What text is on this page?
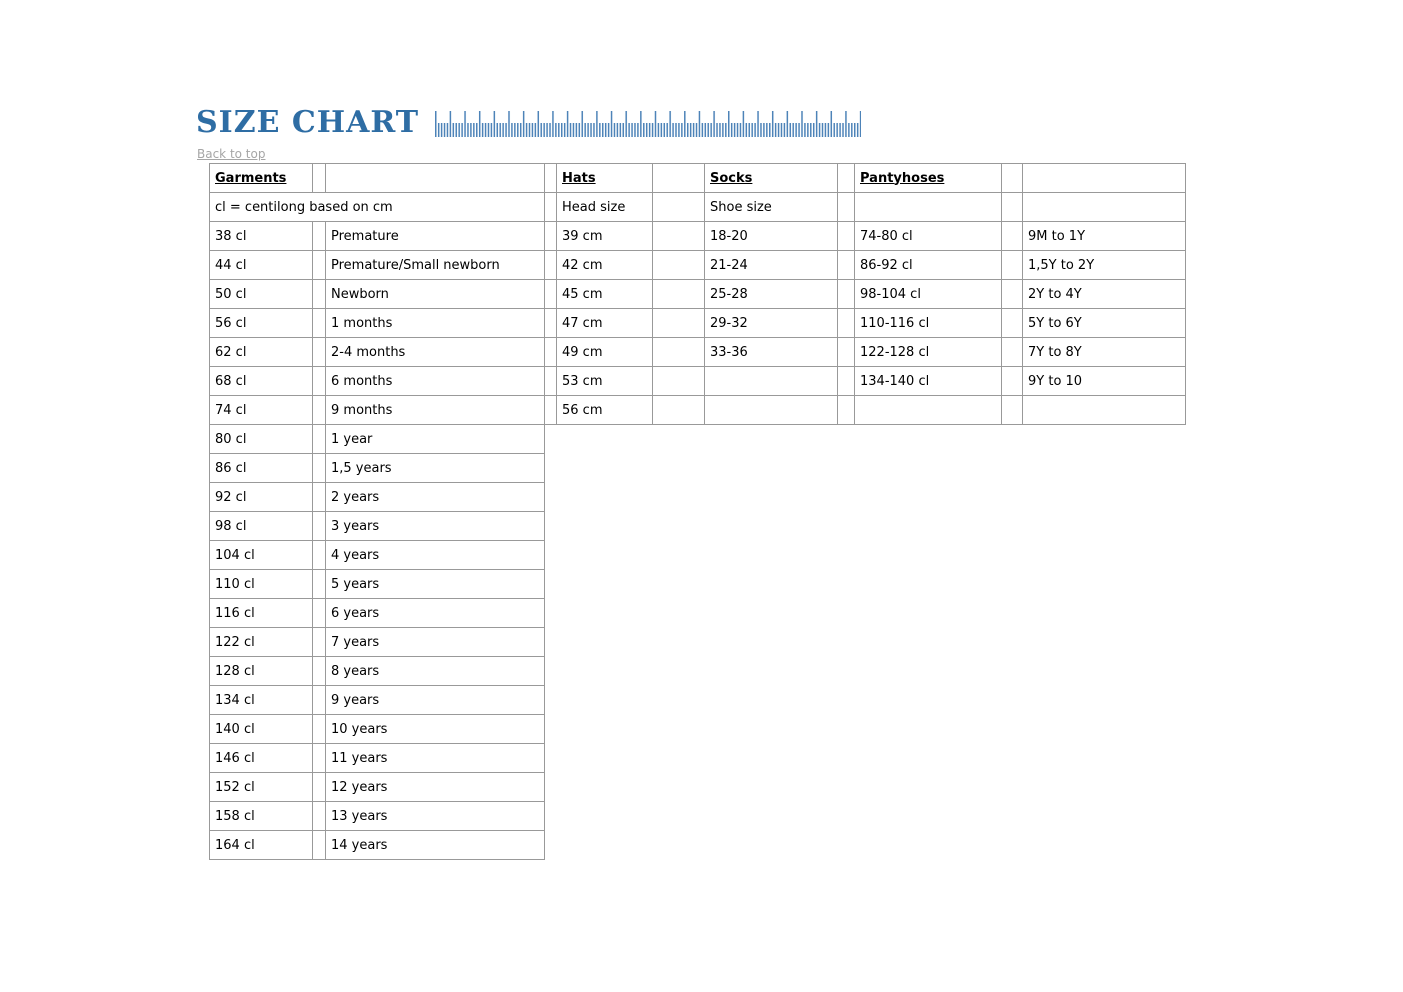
SIZE CHART
Back to top
Garments				Hats		Socks		Pantyhoses		
cl = centilong based on cm				Head size		Shoe size				
38 cl		Premature		39 cm		18-20		74-80 cl		9M to 1Y
44 cl		Premature/Small newborn		42 cm		21-24		86-92 cl		1,5Y to 2Y
50 cl		Newborn		45 cm		25-28		98-104 cl		2Y to 4Y
56 cl		1 months		47 cm		29-32		110-116 cl		5Y to 6Y
62 cl		2-4 months		49 cm		33-36		122-128 cl		7Y to 8Y
68 cl		6 months		53 cm				134-140 cl		9Y to 10
74 cl		9 months		56 cm						
80 cl		1 year								
86 cl		1,5 years								
92 cl		2 years								
98 cl		3 years								
104 cl		4 years								
110 cl		5 years								
116 cl		6 years								
122 cl		7 years								
128 cl		8 years								
134 cl		9 years								
140 cl		10 years								
146 cl		11 years								
152 cl		12 years								
158 cl		13 years								
164 cl		14 years								
